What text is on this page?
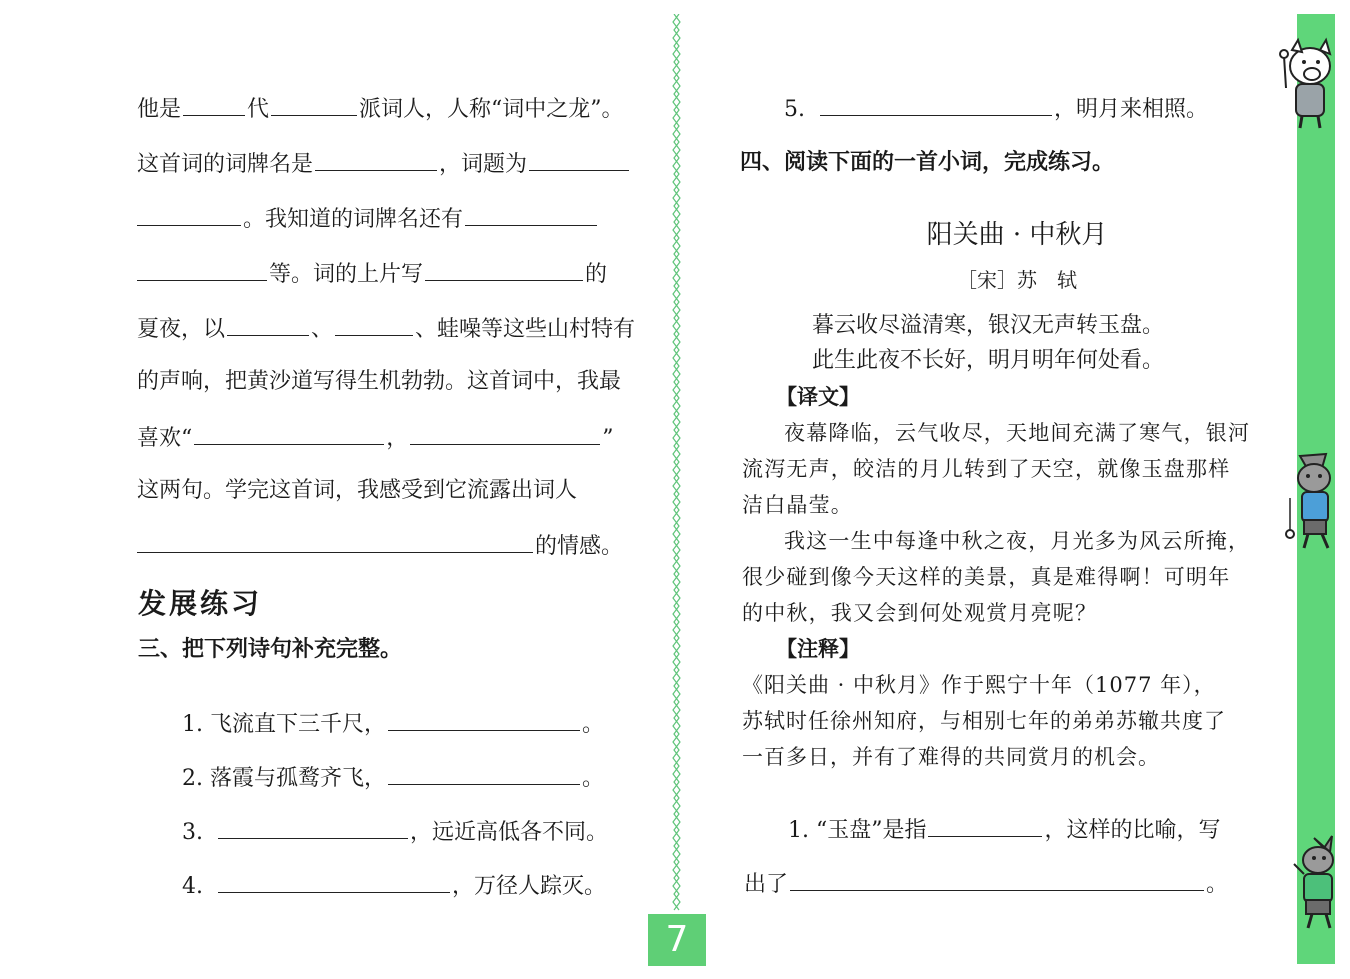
他是	代	派词人，人称“词中之龙”。
这首词的词牌名是	，词题为
。我知道的词牌名还有
等。词的上片写	的
夏夜，以	、	、蛙噪等这些山村特有
的声响，把黄沙道写得生机勃勃。这首词中，我最
喜欢“	，	”
这两句。学完这首词，我感受到它流露出词人
的情感。
发展练习
三、把下列诗句补充完整。
1. 飞流直下三千尺，	。
2. 落霞与孤鹜齐飞，	。
3.	，远近高低各不同。
4.	，万径人踪灭。
5.	，明月来相照。
四、阅读下面的一首小词，完成练习。
阳关曲 · 中秋月
［宋］苏　轼
暮云收尽溢清寒，银汉无声转玉盘。
此生此夜不长好，明月明年何处看。
【译文】
夜幕降临，云气收尽，天地间充满了寒气，银河
流泻无声，皎洁的月儿转到了天空，就像玉盘那样
洁白晶莹。
我这一生中每逢中秋之夜，月光多为风云所掩，
很少碰到像今天这样的美景，真是难得啊！可明年
的中秋，我又会到何处观赏月亮呢？
【注释】
《阳关曲 · 中秋月》作于熙宁十年（1077 年），
苏轼时任徐州知府，与相别七年的弟弟苏辙共度了
一百多日，并有了难得的共同赏月的机会。
1. “玉盘”是指	，这样的比喻，写
出了	。
7
